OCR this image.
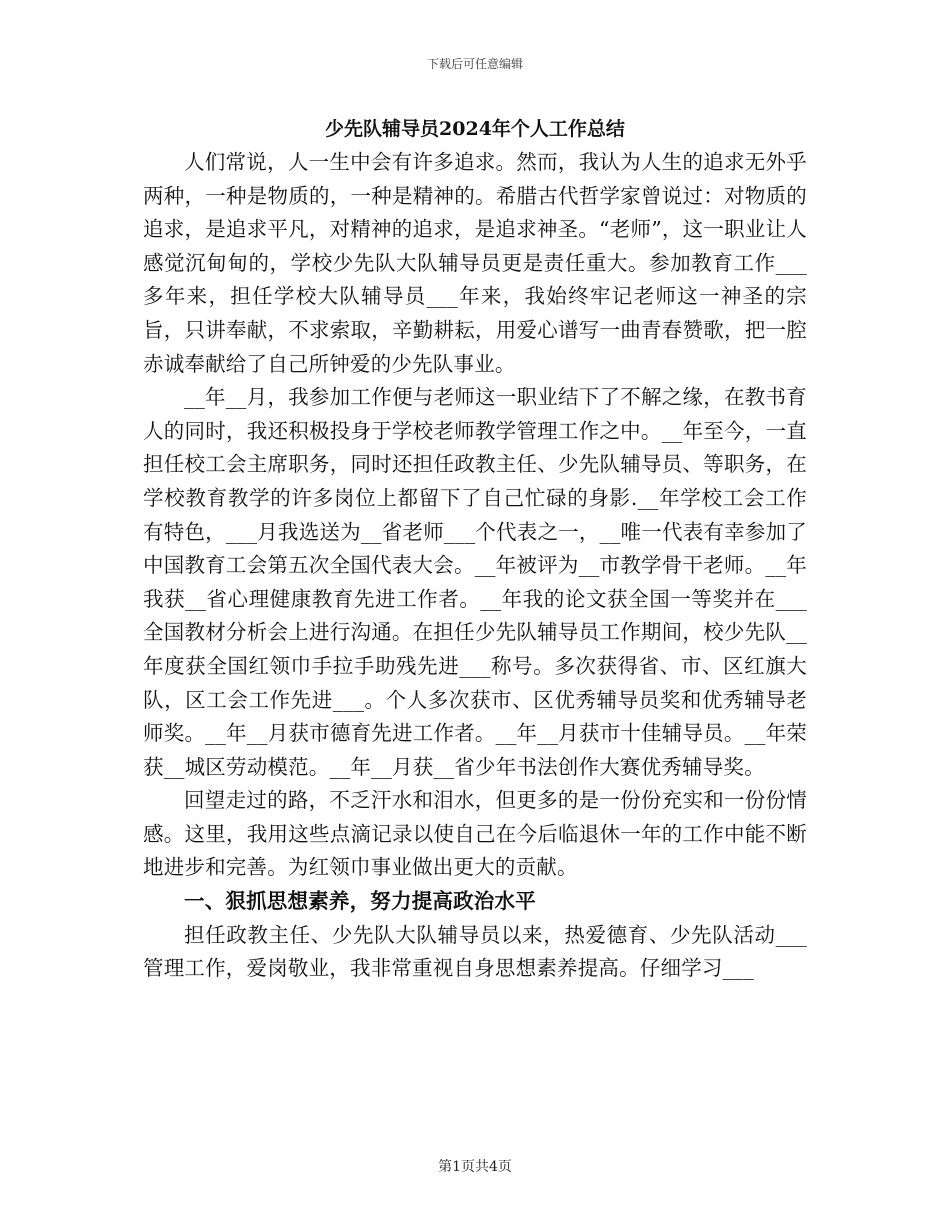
下载后可任意编辑
少先队辅导员2024年个人工作总结

人们常说，人一生中会有许多追求。然而，我认为人生的追求无外乎两种，一种是物质的，一种是精神的。希腊古代哲学家曾说过：对物质的追求，是追求平凡，对精神的追求，是追求神圣。“老师”，这一职业让人感觉沉甸甸的，学校少先队大队辅导员更是责任重大。参加教育工作___多年来，担任学校大队辅导员___年来，我始终牢记老师这一神圣的宗旨，只讲奉献，不求索取，辛勤耕耘，用爱心谱写一曲青春赞歌，把一腔赤诚奉献给了自己所钟爱的少先队事业。

__年__月，我参加工作便与老师这一职业结下了不解之缘，在教书育人的同时，我还积极投身于学校老师教学管理工作之中。__年至今，一直担任校工会主席职务，同时还担任政教主任、少先队辅导员、等职务，在学校教育教学的许多岗位上都留下了自己忙碌的身影.__年学校工会工作有特色，___月我选送为__省老师___个代表之一，__唯一代表有幸参加了中国教育工会第五次全国代表大会。__年被评为__市教学骨干老师。__年我获__省心理健康教育先进工作者。__年我的论文获全国一等奖并在___全国教材分析会上进行沟通。在担任少先队辅导员工作期间，校少先队__年度获全国红领巾手拉手助残先进___称号。多次获得省、市、区红旗大队，区工会工作先进___。个人多次获市、区优秀辅导员奖和优秀辅导老师奖。__年__月获市德育先进工作者。__年__月获市十佳辅导员。__年荣获__城区劳动模范。__年__月获__省少年书法创作大赛优秀辅导奖。

回望走过的路，不乏汗水和泪水，但更多的是一份份充实和一份份情感。这里，我用这些点滴记录以使自己在今后临退休一年的工作中能不断地进步和完善。为红领巾事业做出更大的贡献。

一、狠抓思想素养，努力提高政治水平

担任政教主任、少先队大队辅导员以来，热爱德育、少先队活动___管理工作，爱岗敬业，我非常重视自身思想素养提高。仔细学习___

第1页共4页
